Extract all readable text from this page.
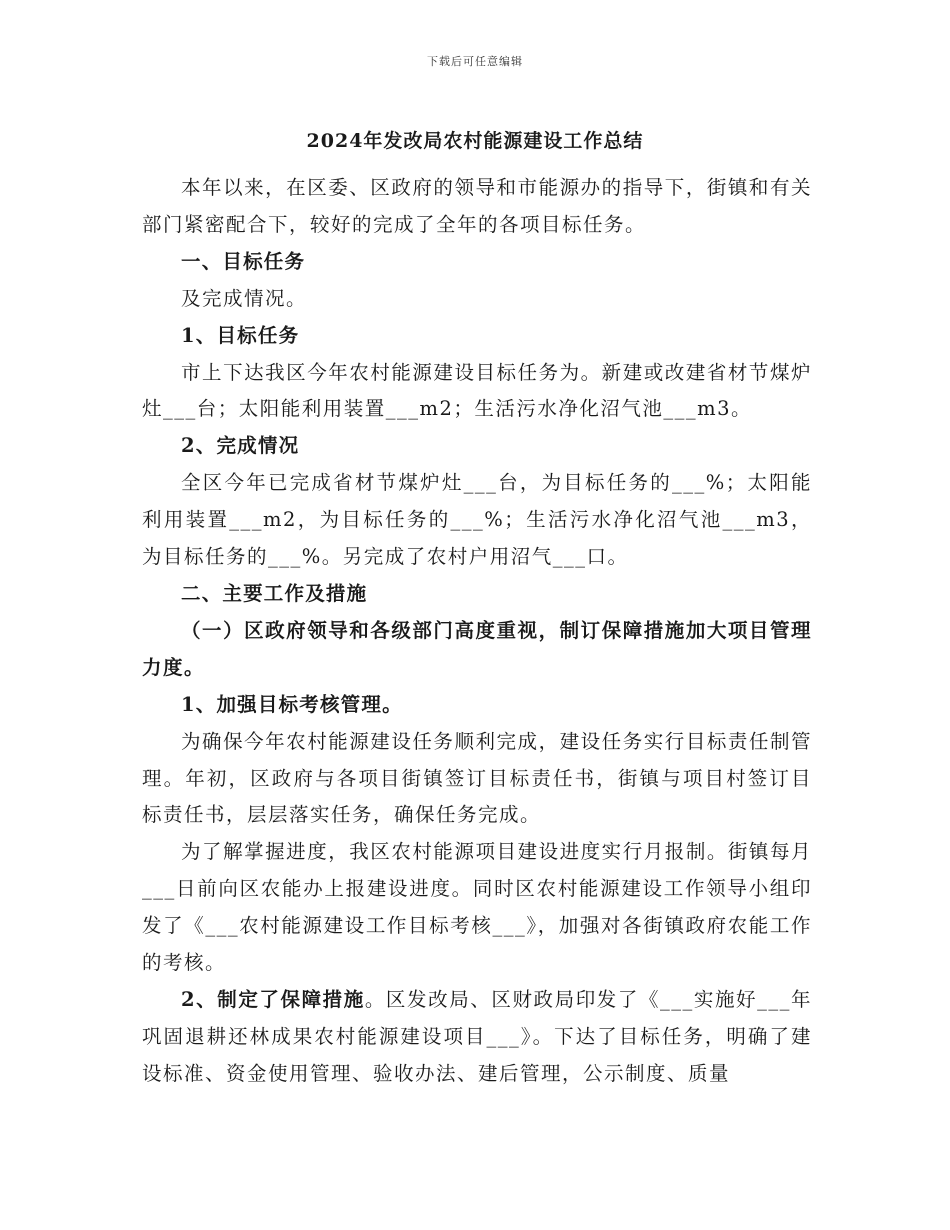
下载后可任意编辑
2024年发改局农村能源建设工作总结

本年以来，在区委、区政府的领导和市能源办的指导下，街镇和有关部门紧密配合下，较好的完成了全年的各项目标任务。

一、目标任务

及完成情况。

1、目标任务

市上下达我区今年农村能源建设目标任务为。新建或改建省材节煤炉灶___台；太阳能利用装置___m2；生活污水净化沼气池___m3。

2、完成情况

全区今年已完成省材节煤炉灶___台，为目标任务的___%；太阳能利用装置___m2，为目标任务的___%；生活污水净化沼气池___m3，为目标任务的___%。另完成了农村户用沼气___口。

二、主要工作及措施

（一）区政府领导和各级部门高度重视，制订保障措施加大项目管理力度。

1、加强目标考核管理。

为确保今年农村能源建设任务顺利完成，建设任务实行目标责任制管理。年初，区政府与各项目街镇签订目标责任书，街镇与项目村签订目标责任书，层层落实任务，确保任务完成。

为了解掌握进度，我区农村能源项目建设进度实行月报制。街镇每月___日前向区农能办上报建设进度。同时区农村能源建设工作领导小组印发了《___农村能源建设工作目标考核___》，加强对各街镇政府农能工作的考核。

2、制定了保障措施。区发改局、区财政局印发了《___实施好___年巩固退耕还林成果农村能源建设项目___》。下达了目标任务，明确了建设标准、资金使用管理、验收办法、建后管理，公示制度、质量
